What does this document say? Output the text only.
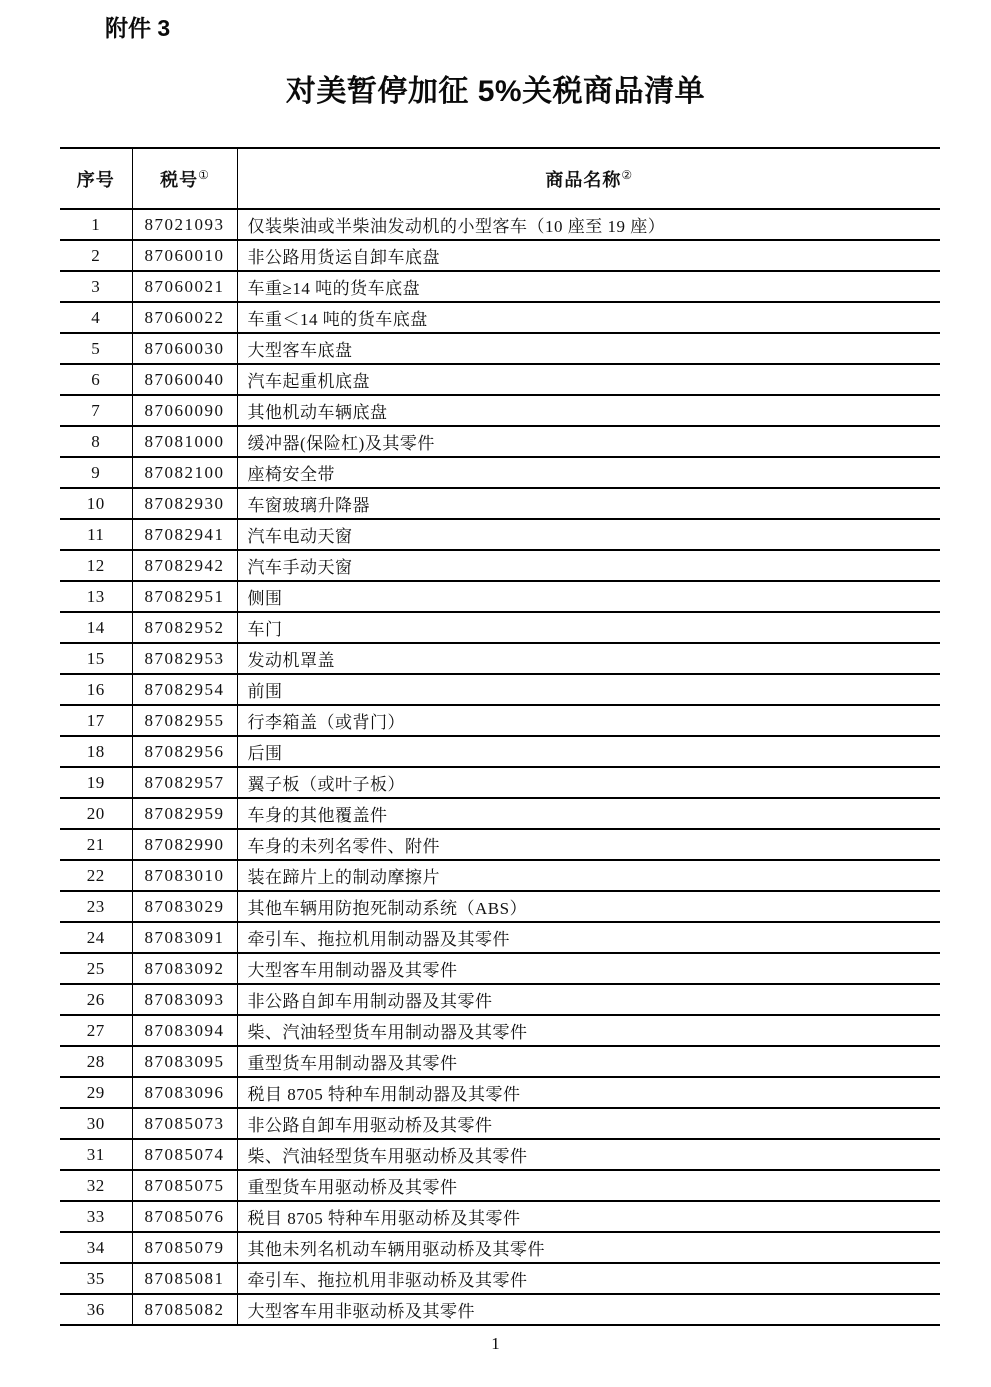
附件 3
对美暂停加征 5%关税商品清单
序号	税号①	商品名称②
1	87021093	仅装柴油或半柴油发动机的小型客车（10 座至 19 座）
2	87060010	非公路用货运自卸车底盘
3	87060021	车重≥14 吨的货车底盘
4	87060022	车重＜14 吨的货车底盘
5	87060030	大型客车底盘
6	87060040	汽车起重机底盘
7	87060090	其他机动车辆底盘
8	87081000	缓冲器(保险杠)及其零件
9	87082100	座椅安全带
10	87082930	车窗玻璃升降器
11	87082941	汽车电动天窗
12	87082942	汽车手动天窗
13	87082951	侧围
14	87082952	车门
15	87082953	发动机罩盖
16	87082954	前围
17	87082955	行李箱盖（或背门）
18	87082956	后围
19	87082957	翼子板（或叶子板）
20	87082959	车身的其他覆盖件
21	87082990	车身的未列名零件、附件
22	87083010	装在蹄片上的制动摩擦片
23	87083029	其他车辆用防抱死制动系统（ABS）
24	87083091	牵引车、拖拉机用制动器及其零件
25	87083092	大型客车用制动器及其零件
26	87083093	非公路自卸车用制动器及其零件
27	87083094	柴、汽油轻型货车用制动器及其零件
28	87083095	重型货车用制动器及其零件
29	87083096	税目 8705 特种车用制动器及其零件
30	87085073	非公路自卸车用驱动桥及其零件
31	87085074	柴、汽油轻型货车用驱动桥及其零件
32	87085075	重型货车用驱动桥及其零件
33	87085076	税目 8705 特种车用驱动桥及其零件
34	87085079	其他未列名机动车辆用驱动桥及其零件
35	87085081	牵引车、拖拉机用非驱动桥及其零件
36	87085082	大型客车用非驱动桥及其零件
1
